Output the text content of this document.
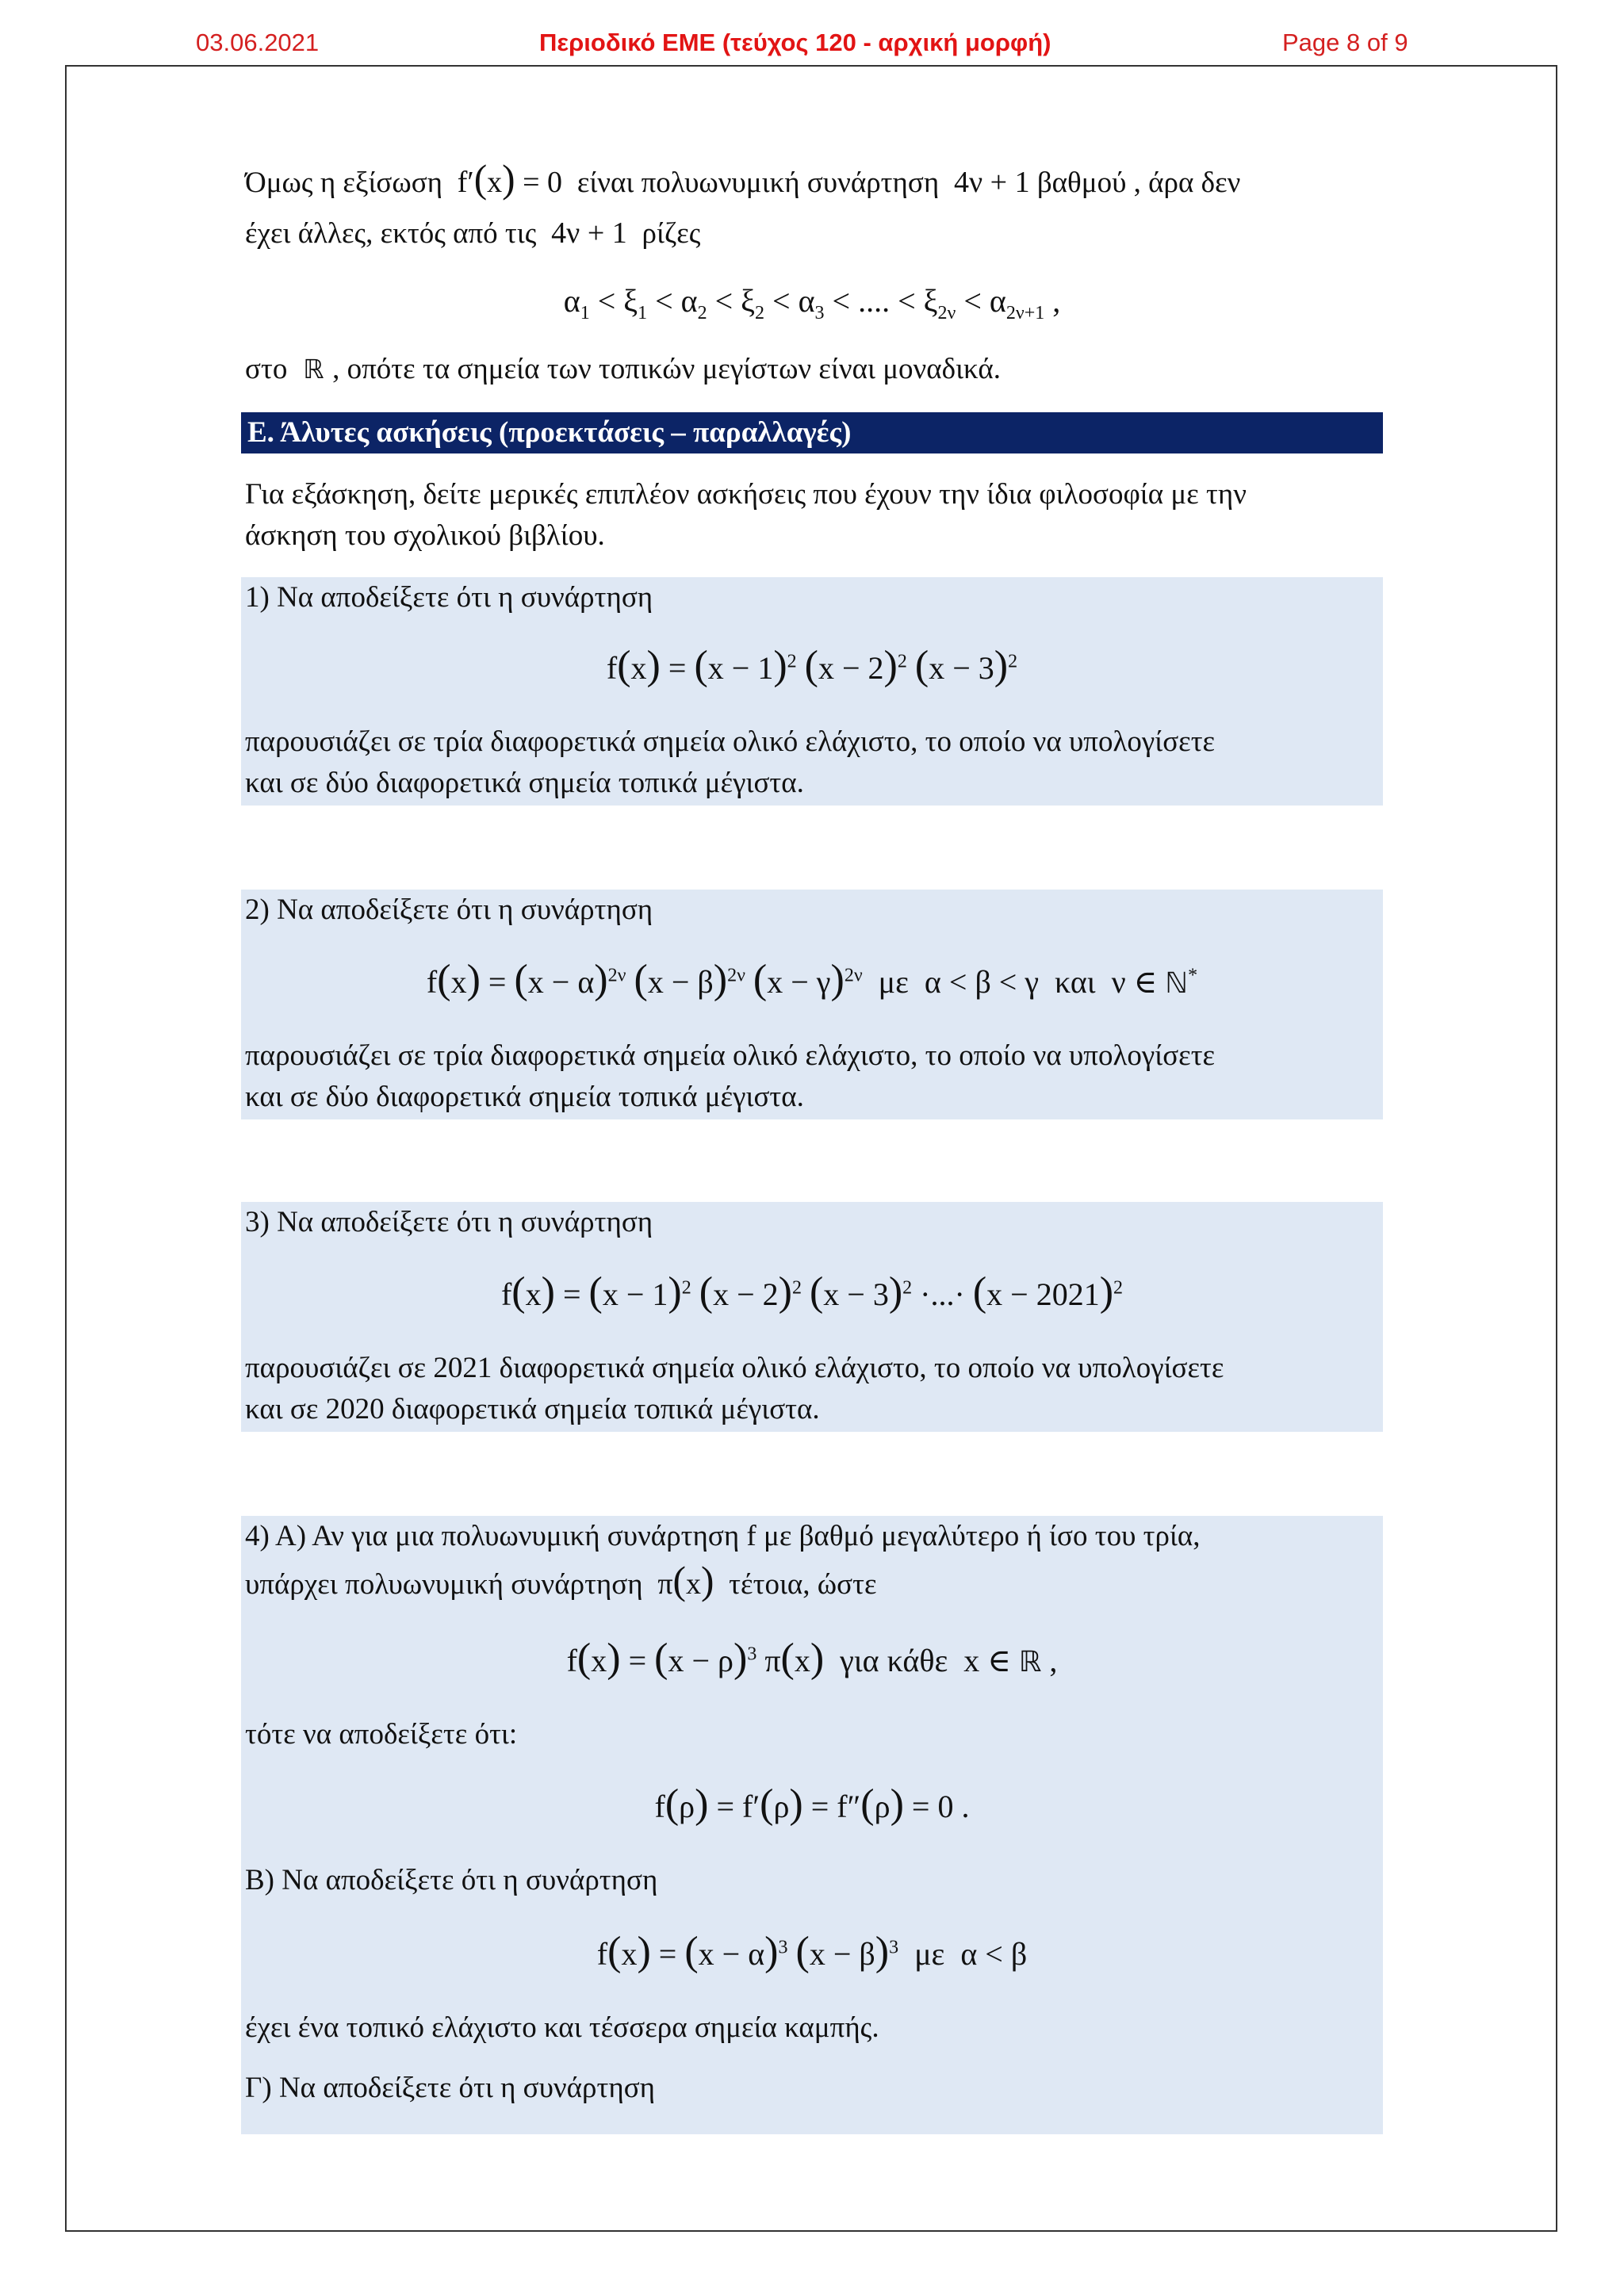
03.06.2021	Περιοδικό ΕΜΕ (τεύχος 120 - αρχική μορφή)	Page 8 of 9
Όμως η εξίσωση  f′(x) = 0  είναι πολυωνυμική συνάρτηση  4ν + 1 βαθμού , άρα δεν
έχει άλλες, εκτός από τις  4ν + 1  ρίζες
$\alpha_1 < \xi_1 < \alpha_2 < \xi_2 < \alpha_3$ < .... < $\xi_{2\nu} < \alpha_{2\nu+1}$ ,
στο  ℝ , οπότε τα σημεία των τοπικών μεγίστων είναι μοναδικά.
Ε. Άλυτες ασκήσεις (προεκτάσεις – παραλλαγές)
Για εξάσκηση, δείτε μερικές επιπλέον ασκήσεις που έχουν την ίδια φιλοσοφία με την
άσκηση του σχολικού βιβλίου.
1) Να αποδείξετε ότι η συνάρτηση
$f(x) = (x - 1)^2$ $(x - 2)^2$ $(x - 3)^2$
παρουσιάζει σε τρία διαφορετικά σημεία ολικό ελάχιστο, το οποίο να υπολογίσετε
και σε δύο διαφορετικά σημεία τοπικά μέγιστα.
2) Να αποδείξετε ότι η συνάρτηση
$f(x) = (x - \alpha)^{2\nu}$ $(x - \beta)^{2\nu}$ $(x - \gamma)^{2\nu}$ με  α < β < γ  και  ν ∈ ℕ*
παρουσιάζει σε τρία διαφορετικά σημεία ολικό ελάχιστο, το οποίο να υπολογίσετε
και σε δύο διαφορετικά σημεία τοπικά μέγιστα.
3) Να αποδείξετε ότι η συνάρτηση
$f(x) = (x - 1)^2$ $(x - 2)^2$ $(x - 3)^2$ ·...· $(x - 2021)^2$
παρουσιάζει σε 2021 διαφορετικά σημεία ολικό ελάχιστο, το οποίο να υπολογίσετε
και σε 2020 διαφορετικά σημεία τοπικά μέγιστα.
4) Α) Αν για μια πολυωνυμική συνάρτηση f με βαθμό μεγαλύτερο ή ίσο του τρία,
υπάρχει πολυωνυμική συνάρτηση  π(x) τέτοια, ώστε
$f(x) = (x - \rho)^3$ π(x) για κάθε  x ∈ ℝ ,
τότε να αποδείξετε ότι:
f(ρ) = f′(ρ) = f″(ρ) = 0 .
Β) Να αποδείξετε ότι η συνάρτηση
$f(x) = (x - \alpha)^3$ $(x - \beta)^3$ με  α < β
έχει ένα τοπικό ελάχιστο και τέσσερα σημεία καμπής.
Γ) Να αποδείξετε ότι η συνάρτηση
